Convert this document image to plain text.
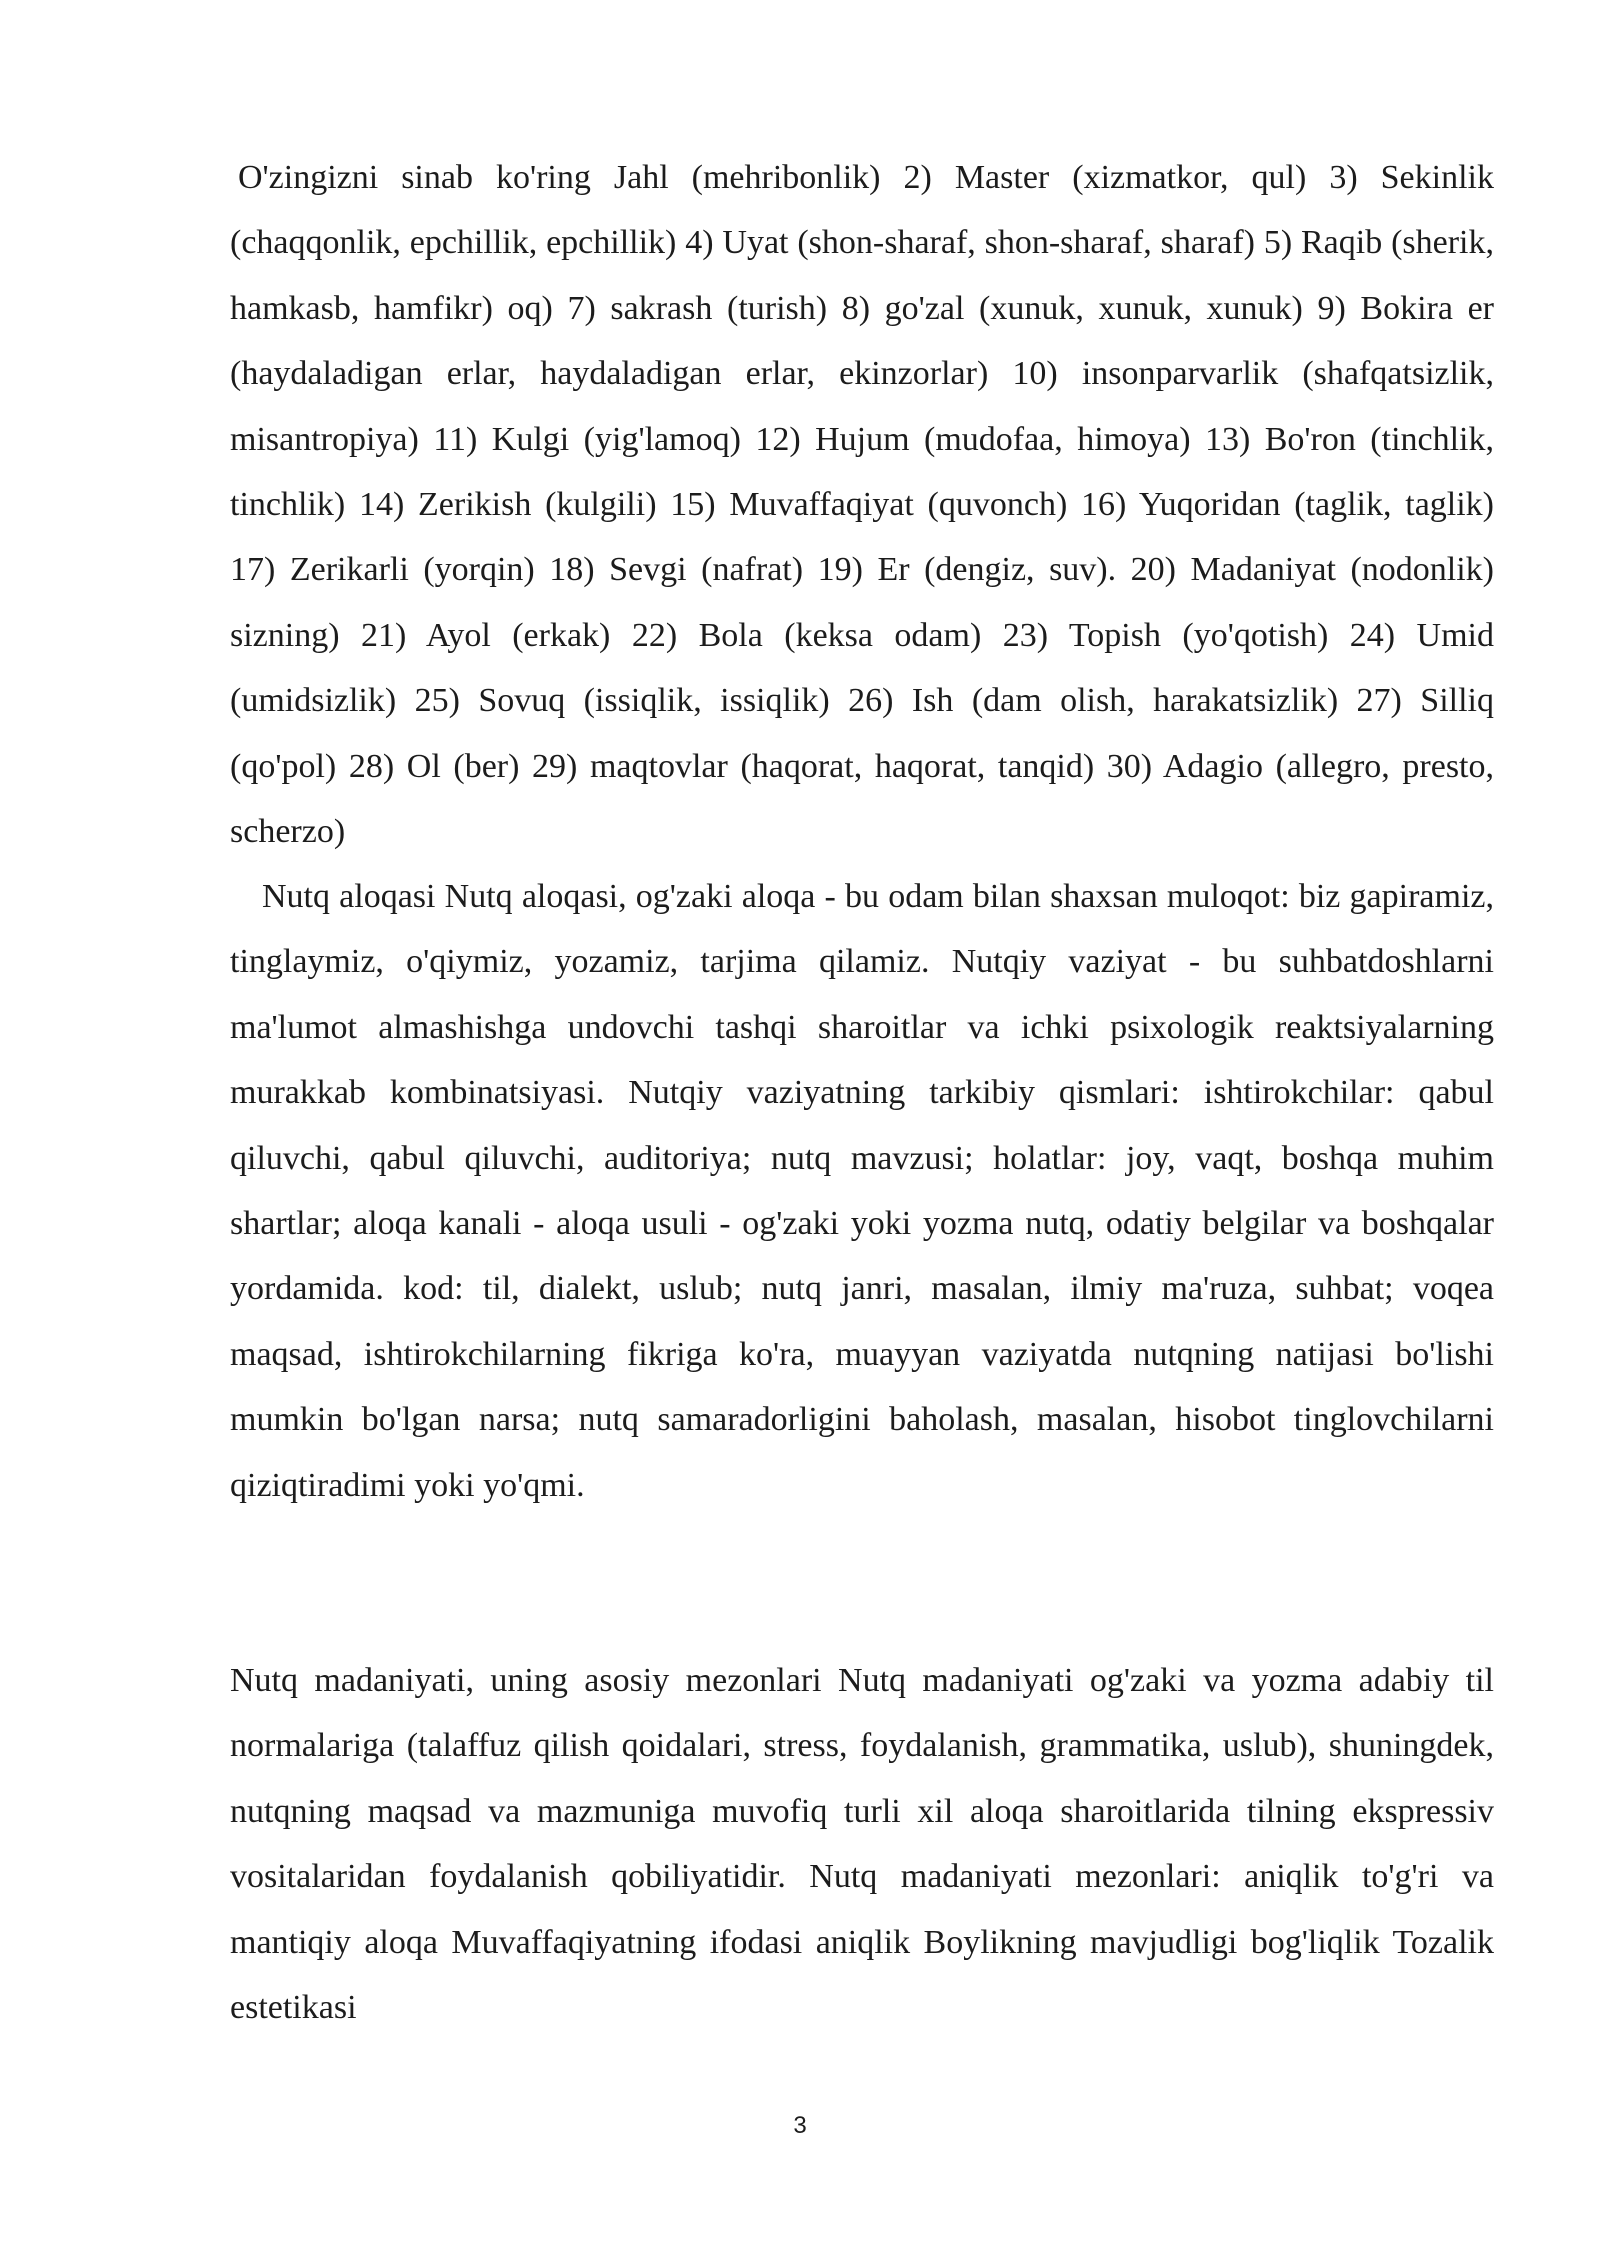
O'zingizni sinab ko'ring Jahl (mehribonlik) 2) Master (xizmatkor, qul) 3) Sekinlik (chaqqonlik, epchillik, epchillik) 4) Uyat (shon-sharaf, shon-sharaf, sharaf) 5) Raqib (sherik, hamkasb, hamfikr) oq) 7) sakrash (turish) 8) go'zal (xunuk, xunuk, xunuk) 9) Bokira er (haydaladigan erlar, haydaladigan erlar, ekinzorlar) 10) insonparvarlik (shafqatsizlik, misantropiya) 11) Kulgi (yig'lamoq) 12) Hujum (mudofaa, himoya) 13) Bo'ron (tinchlik, tinchlik) 14) Zerikish (kulgili) 15) Muvaffaqiyat (quvonch) 16) Yuqoridan (taglik, taglik) 17) Zerikarli (yorqin) 18) Sevgi (nafrat) 19) Er (dengiz, suv). 20) Madaniyat (nodonlik) sizning) 21) Ayol (erkak) 22) Bola (keksa odam) 23) Topish (yo'qotish) 24) Umid (umidsizlik) 25) Sovuq (issiqlik, issiqlik) 26) Ish (dam olish, harakatsizlik) 27) Silliq (qo'pol) 28) Ol (ber) 29) maqtovlar (haqorat, haqorat, tanqid) 30) Adagio (allegro, presto, scherzo)

Nutq aloqasi Nutq aloqasi, og'zaki aloqa - bu odam bilan shaxsan muloqot: biz gapiramiz, tinglaymiz, o'qiymiz, yozamiz, tarjima qilamiz. Nutqiy vaziyat - bu suhbatdoshlarni ma'lumot almashishga undovchi tashqi sharoitlar va ichki psixologik reaktsiyalarning murakkab kombinatsiyasi. Nutqiy vaziyatning tarkibiy qismlari: ishtirokchilar: qabul qiluvchi, qabul qiluvchi, auditoriya; nutq mavzusi; holatlar: joy, vaqt, boshqa muhim shartlar; aloqa kanali - aloqa usuli - og'zaki yoki yozma nutq, odatiy belgilar va boshqalar yordamida. kod: til, dialekt, uslub; nutq janri, masalan, ilmiy ma'ruza, suhbat; voqea maqsad, ishtirokchilarning fikriga ko'ra, muayyan vaziyatda nutqning natijasi bo'lishi mumkin bo'lgan narsa; nutq samaradorligini baholash, masalan, hisobot tinglovchilarni qiziqtiradimi yoki yo'qmi.

Nutq madaniyati, uning asosiy mezonlari Nutq madaniyati og'zaki va yozma adabiy til normalariga (talaffuz qilish qoidalari, stress, foydalanish, grammatika, uslub), shuningdek, nutqning maqsad va mazmuniga muvofiq turli xil aloqa sharoitlarida tilning ekspressiv vositalaridan foydalanish qobiliyatidir. Nutq madaniyati mezonlari: aniqlik to'g'ri va mantiqiy aloqa Muvaffaqiyatning ifodasi aniqlik Boylikning mavjudligi bog'liqlik Tozalik estetikasi

3
